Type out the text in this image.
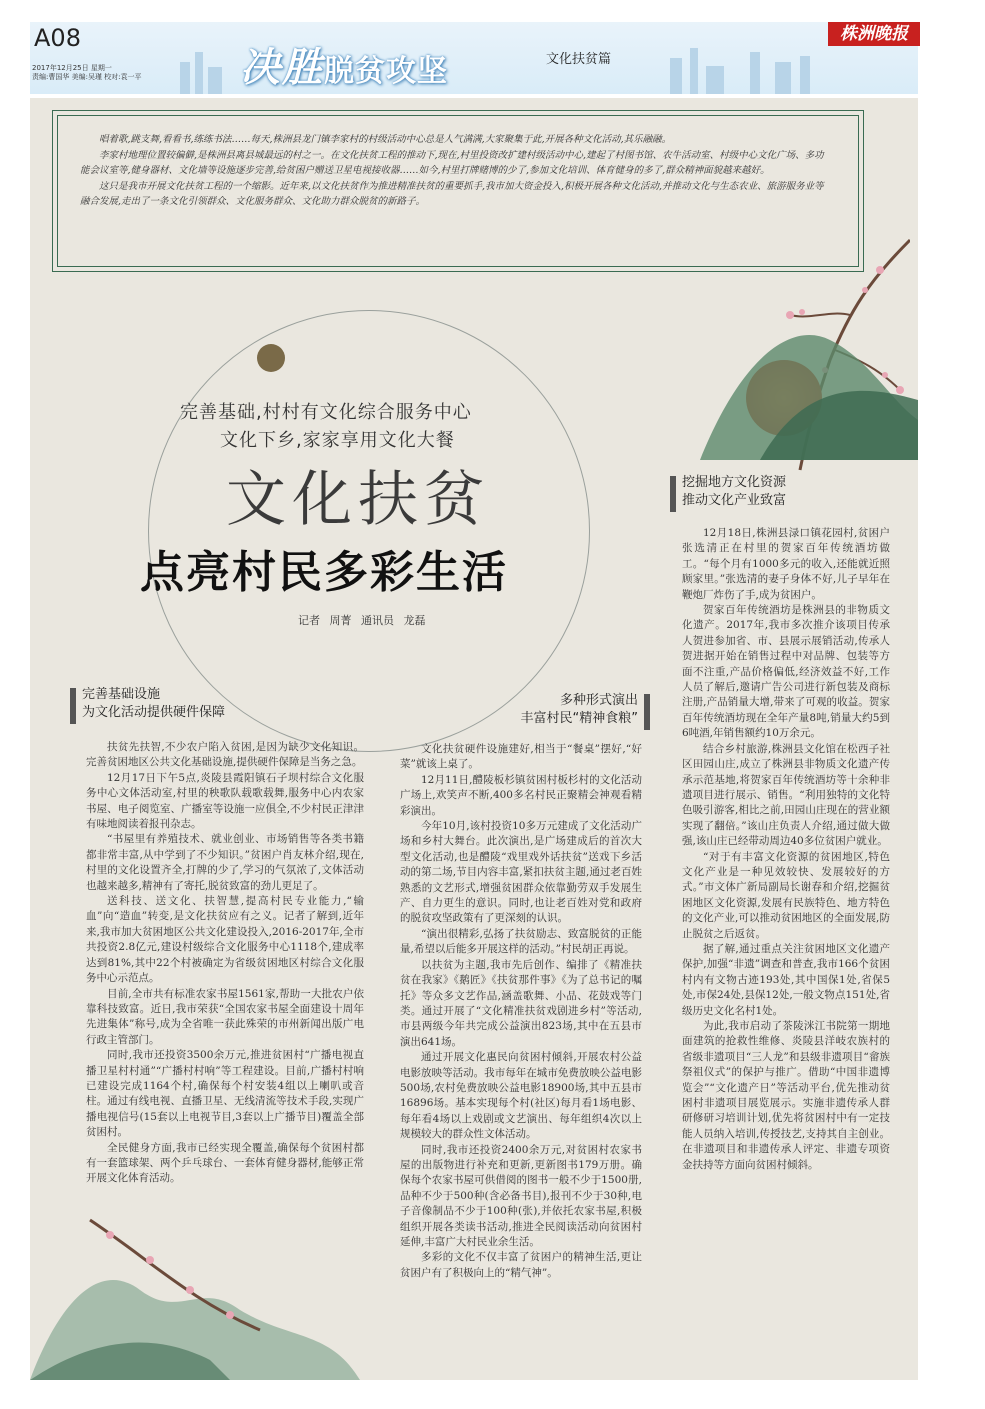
A08
2017年12月25日 星期一
责编:曹国华 美编:吴瑾 校对:袁一平 决胜脱贫攻坚	文化扶贫篇
株洲晚报

唱着歌,跳支舞,看看书,练练书法……每天,株洲县龙门镇李家村的村级活动中心总是人气满满,大家聚集于此,开展各种文化活动,其乐融融。

李家村地理位置较偏僻,是株洲县离县城最远的村之一。在文化扶贫工程的推动下,现在,村里投资改扩建村级活动中心,建起了村图书馆、农牛活动室、村级中心文化广场、多功能会议室等,健身器材、文化墙等设施逐步完善,给贫困户赠送卫星电视接收器……如今,村里打牌赌博的少了,参加文化培训、体育健身的多了,群众精神面貌越来越好。

这只是我市开展文化扶贫工程的一个缩影。近年来,以文化扶贫作为推进精准扶贫的重要抓手,我市加大资金投入,积极开展各种文化活动,并推动文化与生态农业、旅游服务业等融合发展,走出了一条文化引领群众、文化服务群众、文化助力群众脱贫的新路子。

完善基础,村村有文化综合服务中心
文化下乡,家家享用文化大餐
文化扶贫
点亮村民多彩生活
记者 周菁 通讯员 龙磊
完善基础设施
为文化活动提供硬件保障
多种形式演出
丰富村民“精神食粮”
挖掘地方文化资源
推动文化产业致富

扶贫先扶智,不少农户陷入贫困,是因为缺少文化知识。完善贫困地区公共文化基础设施,提供硬件保障是当务之急。

12月17日下午5点,炎陵县霞阳镇石子坝村综合文化服务中心文体活动室,村里的秧歌队载歌载舞,服务中心内农家书屋、电子阅览室、广播室等设施一应俱全,不少村民正津津有味地阅读着报刊杂志。

“书屋里有养殖技术、就业创业、市场销售等各类书籍都非常丰富,从中学到了不少知识。”贫困户肖友林介绍,现在,村里的文化设置齐全,打牌的少了,学习的气氛浓了,文体活动也越来越多,精神有了寄托,脱贫致富的劲儿更足了。

送科技、送文化、扶智慧,提高村民专业能力,“输血”向“造血”转变,是文化扶贫应有之义。记者了解到,近年来,我市加大贫困地区公共文化建设投入,2016-2017年,全市共投资2.8亿元,建设村级综合文化服务中心1118个,建成率达到81%,其中22个村被确定为省级贫困地区村综合文化服务中心示范点。

目前,全市共有标准农家书屋1561家,帮助一大批农户依靠科技致富。近日,我市荣获“全国农家书屋全面建设十周年先进集体”称号,成为全省唯一获此殊荣的市州新闻出版广电行政主管部门。

同时,我市还投资3500余万元,推进贫困村“广播电视直播卫星村村通”“广播村村响”等工程建设。目前,广播村村响已建设完成1164个村,确保每个村安装4组以上喇叭或音柱。通过有线电视、直播卫星、无线清流等技术手段,实现广播电视信号(15套以上电视节目,3套以上广播节目)覆盖全部贫困村。

全民健身方面,我市已经实现全覆盖,确保每个贫困村都有一套篮球架、两个乒乓球台、一套体育健身器材,能够正常开展文化体育活动。

文化扶贫硬件设施建好,相当于“餐桌”摆好,“好菜”就该上桌了。

12月11日,醴陵板杉镇贫困村板杉村的文化活动广场上,欢笑声不断,400多名村民正聚精会神观看精彩演出。

今年10月,该村投资10多万元建成了文化活动广场和乡村大舞台。此次演出,是广场建成后的首次大型文化活动,也是醴陵“戏里戏外话扶贫”送戏下乡活动的第二场,节目内容丰富,紧扣扶贫主题,通过老百姓熟悉的文艺形式,增强贫困群众依靠勤劳双手发展生产、自力更生的意识。同时,也让老百姓对党和政府的脱贫攻坚政策有了更深刻的认识。

“演出很精彩,弘扬了扶贫励志、致富脱贫的正能量,希望以后能多开展这样的活动。”村民胡正再说。

以扶贫为主题,我市先后创作、编排了《精准扶贫在我家》《鹅匠》《扶贫那件事》《为了总书记的嘱托》等众多文艺作品,涵盖歌舞、小品、花鼓戏等门类。通过开展了“文化精准扶贫戏剧进乡村”等活动,市县两级今年共完成公益演出823场,其中在五县市演出641场。

通过开展文化惠民向贫困村倾斜,开展农村公益电影放映等活动。我市每年在城市免费放映公益电影500场,农村免费放映公益电影18900场,其中五县市16896场。基本实现每个村(社区)每月看1场电影、每年看4场以上戏剧或文艺演出、每年组织4次以上规模较大的群众性文体活动。

同时,我市还投资2400余万元,对贫困村农家书屋的出版物进行补充和更新,更新图书179万册。确保每个农家书屋可供借阅的图书一般不少于1500册,品种不少于500种(含必备书目),报刊不少于30种,电子音像制品不少于100种(张),并依托农家书屋,积极组织开展各类读书活动,推进全民阅读活动向贫困村延伸,丰富广大村民业余生活。

多彩的文化不仅丰富了贫困户的精神生活,更让贫困户有了积极向上的“精气神”。

12月18日,株洲县渌口镇花园村,贫困户张选清正在村里的贺家百年传统酒坊做工。“每个月有1000多元的收入,还能就近照顾家里。”张选清的妻子身体不好,儿子早年在鞭炮厂炸伤了手,成为贫困户。

贺家百年传统酒坊是株洲县的非物质文化遗产。2017年,我市多次推介该项目传承人贺进参加省、市、县展示展销活动,传承人贺进据开始在销售过程中对品牌、包装等方面不注重,产品价格偏低,经济效益不好,工作人员了解后,邀请广告公司进行新包装及商标注册,产品销量大增,带来了可观的收益。贺家百年传统酒坊现在全年产量8吨,销量大约5到6吨酒,年销售额约10万余元。

结合乡村旅游,株洲县文化馆在松西子社区田园山庄,成立了株洲县非物质文化遗产传承示范基地,将贺家百年传统酒坊等十余种非遗项目进行展示、销售。“利用独特的文化特色吸引游客,相比之前,田园山庄现在的营业额实现了翻倍。”该山庄负责人介绍,通过做大做强,该山庄已经带动周边40多位贫困户就业。

“对于有丰富文化资源的贫困地区,特色文化产业是一种见效较快、发展较好的方式。”市文体广新局副局长谢春和介绍,挖掘贫困地区文化资源,发展有民族特色、地方特色的文化产业,可以推动贫困地区的全面发展,防止脱贫之后返贫。

据了解,通过重点关注贫困地区文化遗产保护,加强“非遗”调查和普查,我市166个贫困村内有文物古迹193处,其中国保1处,省保5处,市保24处,县保12处,一般文物点151处,省级历史文化名村1处。

为此,我市启动了茶陵洣江书院第一期地面建筑的抢救性维修、炎陵县洋岐农族村的省级非遗项目“三人龙”和县级非遗项目“畲族祭祖仪式”的保护与推广。借助“中国非遗博览会”“文化遗产日”等活动平台,优先推动贫困村非遗项目展览展示。实施非遗传承人群研修研习培训计划,优先将贫困村中有一定技能人员纳入培训,传授技艺,支持其自主创业。在非遗项目和非遗传承人评定、非遗专项资金扶持等方面向贫困村倾斜。
